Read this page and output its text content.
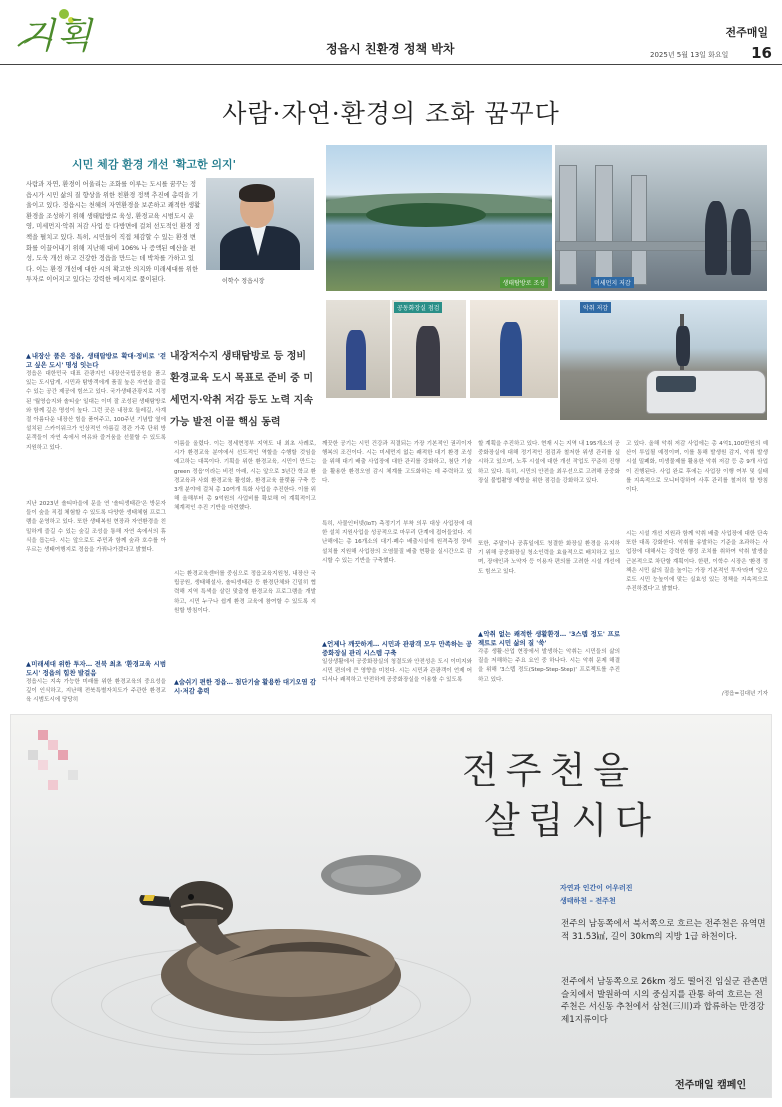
기획	정읍시 친환경 정책 박차
전주매일
2025년 5월 13일 화요일 16
사람·자연·환경의 조화 꿈꾸다
시민 체감 환경 개선 '확고한 의지'
사람과 자연, 환경이 어울리는 조화를 이루는 도시를 꿈꾸는 정읍시가 시민 삶의 질 향상을 위한 친환경 정책 추진에 총력을 기울이고 있다. 정읍시는 천혜의 자연환경을 보존하고 쾌적한 생활환경을 조성하기 위해 생태탐방로 육성, 환경교육 시범도시 운영, 미세먼지·악취 저감 사업 등 다방면에 걸쳐 선도적인 환경 정책을 펼치고 있다. 특히, 시민들이 직접 체감할 수 있는 환경 변화를 이끌어내기 위해 지난해 대비 106% 나 증액된 예산을 편성, 도욱 개선 하고 건강한 정읍을 만드는 데 박차를 가하고 있다. 이는 환경 개선에 대한 시의 확고한 의지와 미래세대를 위한 투자로 이어지고 있다는 강력한 메시지로 풀이된다.	이학수 정읍시장	생태탐방로 조성	미세먼지 저감
공동화장실 점검	악취 저감
내장저수지 생태탐방로 등 정비 환경교육 도시 목표로 준비 중 미세먼지·악취 저감 등도 노력 지속가능 발전 이끌 핵심 동력
▲내장산 품은 정읍, 생태탐방로 확대·정비로 '걷고 싶은 도시' 명성 잇는다
정읍은 대한민국 대표 관광지인 내장산국립공원을 품고 있는 도시답게, 시민과 탐방객에게 품질 높은 자연을 즐길 수 있는 공간 제공에 힘쓰고 있다. 국가생태관광지로 지정된 '월영습지와 솔티숲' 일대는 이미 잘 조성된 생태탐방로와 함께 깊은 명성이 높다. 그런 곳은 내장호 둘레길, 사계절 아름다운 내장산 힘을 품어주고, 100주년 기념탑 옆에 설치된 스카이워크가 인상적인 아름길 경관 가족 단위 방문객들이 자연 속에서 여유와 즐거움을 선물할 수 있도록 지원하고 있다.
지난 2023년 솔티마을에 문을 연 '솔티생태관'은 방문자들이 숲을 직접 체험할 수 있도록 다양한 생태체험 프로그램을 운영하고 있다. 또한 생태복원 현장과 자연환경을 친밀하게 즐길 수 있는 숲길 조성을 통해 자연 속에서의 휴식을 돕는다. 시는 앞으로도 주민과 함께 숲과 호수를 아우르는 생태여행지로 정읍을 가꿔나가겠다고 밝혔다.
▲미래세대 위한 투자… 전북 최초 '환경교육 시범도시' 정읍의 힘찬 발걸음
정읍시는 지속 가능한 미래를 위한 환경교육의 중요성을 깊이 인식하고, 지난해 전북특별자치도가 주관한 환경교육 시범도시에 당당히
이름을 올렸다. 이는 정세현정부 지역도 내 최초 사례로, 시가 환경교육 분야에서 선도적인 역할을 수행할 것임을 예고하는 대목이다. 기획을 위한 환경교육, 시민이 만드는 green 정읍'이라는 비전 아래, 시는 앞으로 3년간 학교 환경교육과 사회 환경교육 활성화, 환경교육 플랫폼 구축 등 3개 분야에 걸쳐 총 10여개 특화 사업을 추진한다. 이를 위해 올해부터 총 9억원의 사업비를 확보해 어 계획적이고 체계적인 추진 기반을 마련했다.
시는 환경교육센터를 중심으로 정읍교육지원청, 내장산 국립공원, 생태해설사, 솔티생태관 등 환경단체와 긴밀히 협력해 지역 특색을 살린 맞춤형 환경교육 프로그램을 개발하고, 시민 누구나 쉽게 환경 교육에 참여할 수 있도록 지원할 방침이다.
▲숨쉬기 편한 정읍… 첨단기술 활용한 대기오염 감시·저감 총력
깨끗한 공기는 시민 건강과 직결되는 가장 기본적인 권리이자 행복의 조건이다. 시는 미세먼지 없는 쾌적한 대기 환경 조성을 위해 대기 배출 사업장에 대한 관리를 강화하고, 첨단 기술을 활용한 환경오염 감시 체계를 고도화하는 데 주력하고 있다.
특히, 사물인터넷(IoT) 측정기기 부착 의무 대상 사업장에 대한 설치 지원사업을 성공적으로 마무리 단계에 접어들었다. 지난해에는 총 16개소의 대기·폐수 배출시설에 원격측정 장비 설치를 지원해 사업장의 오염물질 배출 현황을 실시간으로 감시할 수 있는 기반을 구축했다.
▲언제나 깨끗하게… 시민과 관광객 모두 만족하는 공중화장실 관리 시스템 구축
일상생활에서 공중화장실의 청결도와 안전성은 도시 이미지와 시민 편의에 큰 영향을 미친다. 시는 시민과 관광객이 언제 어디서나 쾌적하고 안전하게 공중화장실을 이용할 수 있도록
할 계획을 추진하고 있다. 현재 시는 지역 내 195개소의 공중화장실에 대해 정기적인 점검과 철저한 위생 관리를 실시하고 있으며, 노후 시설에 대한 개선 작업도 꾸준히 진행하고 있다. 특히, 시민의 안전을 최우선으로 고려해 공중화장실 불법촬영 예방을 위한 점검을 강화하고 있다.
또한, 주말이나 공휴일에도 청결한 화장실 환경을 유지하기 위해 공중화장실 청소인력을 효율적으로 배치하고 있으며, 장애인과 노약자 등 이용자 편의를 고려한 시설 개선에도 힘쓰고 있다.
▲악취 없는 쾌적한 생활환경… '3스텝 정도' 프로젝트로 시민 삶의 질 '쑥'
각종 생활·산업 현장에서 발생하는 악취는 시민들의 삶의 질을 저해하는 주요 요인 중 하나다. 시는 악취 문제 해결을 위해 '3스텝 정도(Step-Step-Step)' 프로젝트를 추진하고 있다.
고 있다. 올해 악취 저감 사업에는 총 4억1,100만원의 예산이 투입될 예정이며, 이를 통해 발생원 감지, 악취 발생 시설 밀폐화, 미생물제를 활용한 악취 저감 등 총 9개 사업이 진행된다. 사업 완료 후에는 사업장 이행 여부 및 실태를 지속적으로 모니터링하여 사후 관리를 철저히 할 방침이다.
시는 시설 개선 지원과 함께 악취 배출 사업장에 대한 단속 또한 대폭 강화한다. 악취를 유발하는 기준을 초과하는 사업장에 대해서는 강력한 행정 조치를 취하여 악취 발생을 근본적으로 차단할 계획이다. 한편, 이학수 시장은 '환경 정책은 시민 삶의 질을 높이는 가장 기본적인 투자'라며 '앞으로도 시민 눈높이에 맞는 실효성 있는 정책을 지속적으로 추진하겠다'고 밝혔다.
/정읍=김대년 기자
전주천을
살립시다
자연과 인간이 어우러진
생태하천 – 전주천
전주의 남동쪽에서 북서쪽으로 흐르는 전주천은 유역면적 31.53㎢, 길이 30km의 지방 1급 하천이다.
전주에서 남동쪽으로 26km 정도 떨어진 임실군 관촌면 슬치에서 발원하여 시의 중심지를 관통 하여 흐르는 전주천은 서신동 추천에서 삼천(三川)과 합류하는 만경강 제1지류이다
전주매일 캠페인
